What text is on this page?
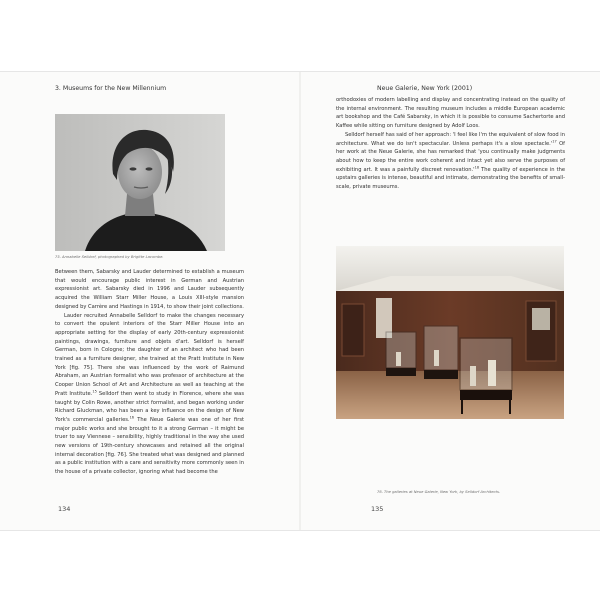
3. Museums for the New Millennium
75. Annabelle Selldorf, photographed by Brigitte Lacombe.

Between them, Sabarsky and Lauder determined to establish a museum that would encourage public interest in German and Austrian expressionist art. Sabarsky died in 1996 and Lauder subsequently acquired the William Starr Miller House, a Louis XIII-style mansion designed by Carrère and Hastings in 1914, to show their joint collections.

Lauder recruited Annabelle Selldorf to make the changes necessary to convert the opulent interiors of the Starr Miller House into an appropriate setting for the display of early 20th-century expressionist paintings, drawings, furniture and objets d'art. Selldorf is herself German, born in Cologne; the daughter of an architect who had been trained as a furniture designer, she trained at the Pratt Institute in New York [fig. 75]. There she was influenced by the work of Raimund Abraham, an Austrian formalist who was professor of architecture at the Cooper Union School of Art and Architecture as well as teaching at the Pratt Institute.$^{15}$ Selldorf then went to study in Florence, where she was taught by Colin Rowe, another strict formalist, and began working under Richard Gluckman, who has been a key influence on the design of New York's commercial galleries.$^{16}$ The Neue Galerie was one of her first major public works and she brought to it a strong German – it might be truer to say Viennese – sensibility, highly traditional in the way she used new versions of 19th-century showcases and retained all the original internal decoration [fig. 76]. She treated what was designed and planned as a public institution with a care and sensitivity more commonly seen in the house of a private collector, ignoring what had become the

134
Neue Galerie, New York (2001)

orthodoxies of modern labelling and display and concentrating instead on the quality of the internal environment. The resulting museum includes a middle European academic art bookshop and the Café Sabarsky, in which it is possible to consume Sachertorte and Kaffee while sitting on furniture designed by Adolf Loos.

Selldorf herself has said of her approach: 'I feel like I'm the equivalent of slow food in architecture. What we do isn't spectacular. Unless perhaps it's a slow $spectacle.'^{17}$ Of her work at the Neue Galerie, she has remarked that 'you continually make judgments about how to keep the entire work coherent and intact yet also serve the purposes of exhibiting art. It was a painfully discreet $renovation.'^{18}$ The quality of experience in the upstairs galleries is intense, beautiful and intimate, demonstrating the benefits of small-scale, private museums.

76. The galleries at Neue Galerie, New York, by Selldorf Architects.
135
